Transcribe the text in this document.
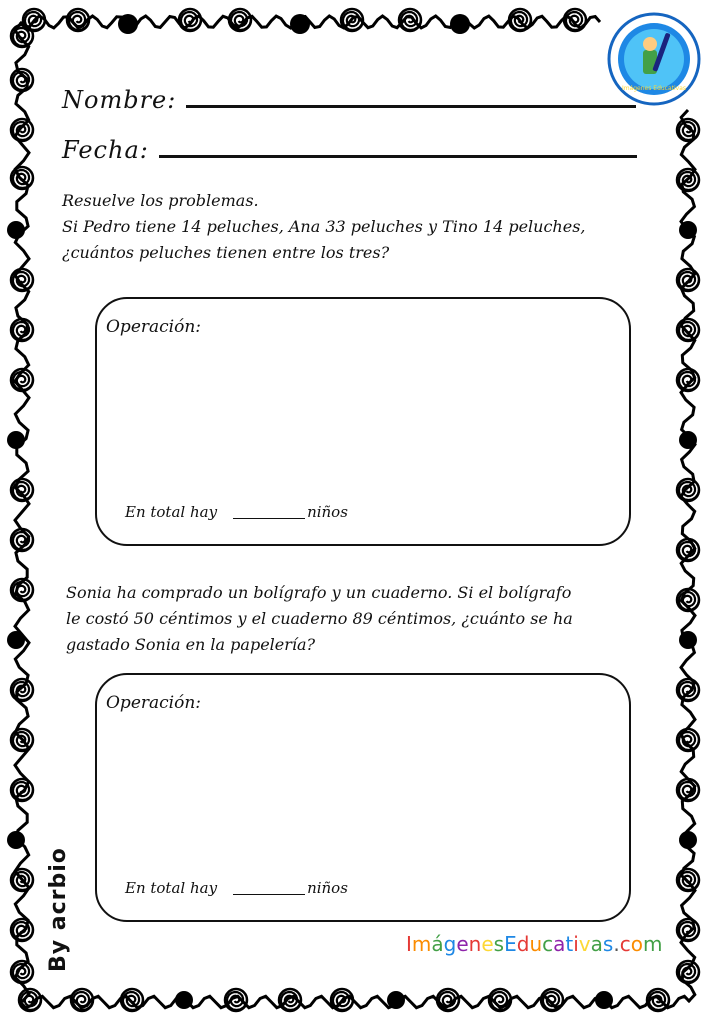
Imágenes Educativas
Nombre:
Fecha:
Resuelve los problemas.
Si Pedro tiene 14 peluches, Ana 33 peluches y Tino 14 peluches,
¿cuántos peluches tienen entre los tres?
Operación:
En total hay	niños
Sonia ha comprado un bolígrafo y un cuaderno. Si el bolígrafo
le costó 50 céntimos y el cuaderno 89 céntimos, ¿cuánto se ha
gastado Sonia en la papelería?
Operación:
En total hay	niños
By acrbio	ImágenesEducativas.com
